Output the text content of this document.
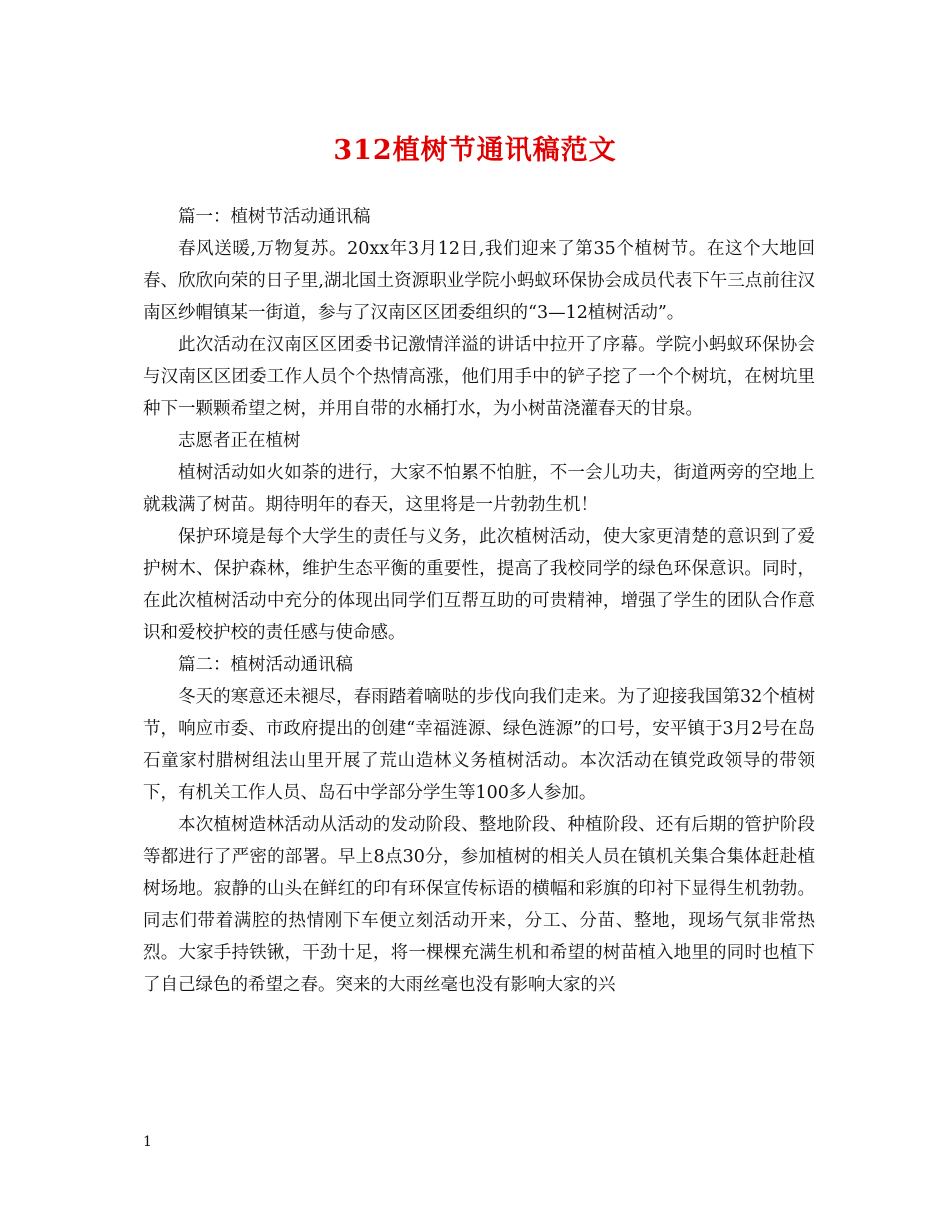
312植树节通讯稿范文

篇一：植树节活动通讯稿

春风送暖,万物复苏。20xx年3月12日,我们迎来了第35个植树节。在这个大地回春、欣欣向荣的日子里,湖北国土资源职业学院小蚂蚁环保协会成员代表下午三点前往汉南区纱帽镇某一街道，参与了汉南区区团委组织的“3—12植树活动”。

此次活动在汉南区区团委书记激情洋溢的讲话中拉开了序幕。学院小蚂蚁环保协会与汉南区区团委工作人员个个热情高涨，他们用手中的铲子挖了一个个树坑，在树坑里种下一颗颗希望之树，并用自带的水桶打水，为小树苗浇灌春天的甘泉。

志愿者正在植树

植树活动如火如荼的进行，大家不怕累不怕脏，不一会儿功夫，街道两旁的空地上就栽满了树苗。期待明年的春天，这里将是一片勃勃生机！

保护环境是每个大学生的责任与义务，此次植树活动，使大家更清楚的意识到了爱护树木、保护森林，维护生态平衡的重要性，提高了我校同学的绿色环保意识。同时，在此次植树活动中充分的体现出同学们互帮互助的可贵精神，增强了学生的团队合作意识和爱校护校的责任感与使命感。

篇二：植树活动通讯稿

冬天的寒意还未褪尽，春雨踏着嘀哒的步伐向我们走来。为了迎接我国第32个植树节，响应市委、市政府提出的创建“幸福涟源、绿色涟源”的口号，安平镇于3月2号在岛石童家村腊树组法山里开展了荒山造林义务植树活动。本次活动在镇党政领导的带领下，有机关工作人员、岛石中学部分学生等100多人参加。

本次植树造林活动从活动的发动阶段、整地阶段、种植阶段、还有后期的管护阶段等都进行了严密的部署。早上8点30分，参加植树的相关人员在镇机关集合集体赶赴植树场地。寂静的山头在鲜红的印有环保宣传标语的横幅和彩旗的印衬下显得生机勃勃。同志们带着满腔的热情刚下车便立刻活动开来，分工、分苗、整地，现场气氛非常热烈。大家手持铁锹，干劲十足，将一棵棵充满生机和希望的树苗植入地里的同时也植下了自己绿色的希望之春。突来的大雨丝毫也没有影响大家的兴

1
